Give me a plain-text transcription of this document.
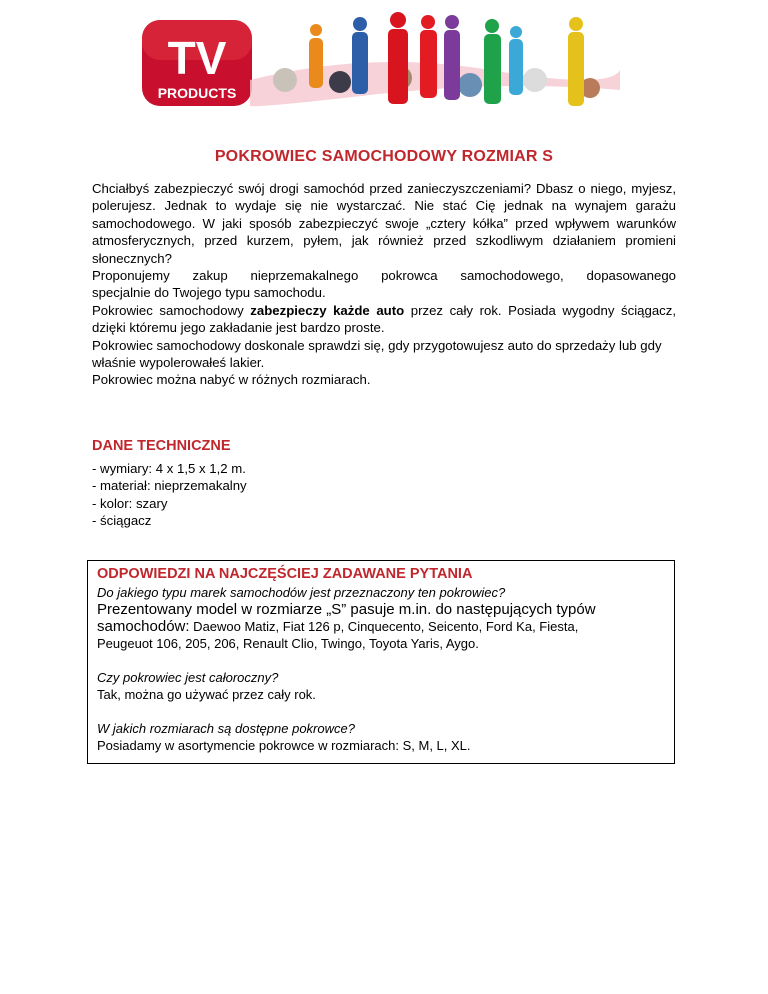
TV
PRODUCTS
POKROWIEC SAMOCHODOWY ROZMIAR S

Chciałbyś zabezpieczyć swój drogi samochód przed zanieczyszczeniami? Dbasz o niego, myjesz, polerujesz. Jednak to wydaje się nie wystarczać. Nie stać Cię jednak na wynajem garażu samochodowego. W jaki sposób zabezpieczyć swoje „cztery kółka” przed wpływem warunków atmosferycznych, przed kurzem, pyłem, jak również przed szkodliwym działaniem promieni słonecznych?

Proponujemy zakup nieprzemakalnego pokrowca samochodowego, dopasowanego

specjalnie do Twojego typu samochodu.

Pokrowiec samochodowy zabezpieczy każde auto przez cały rok. Posiada wygodny ściągacz, dzięki któremu jego zakładanie jest bardzo proste.

Pokrowiec samochodowy doskonale sprawdzi się, gdy przygotowujesz auto do sprzedaży lub gdy właśnie wypolerowałeś lakier.

Pokrowiec można nabyć w różnych rozmiarach.

DANE TECHNICZNE
- wymiary: 4 x 1,5 x 1,2 m.
- materiał: nieprzemakalny
- kolor: szary
- ściągacz
ODPOWIEDZI NA NAJCZĘŚCIEJ ZADAWANE PYTANIA
Do jakiego typu marek samochodów jest przeznaczony ten pokrowiec?
Prezentowany model w rozmiarze „S” pasuje m.in. do następujących typów
samochodów: Daewoo Matiz, Fiat 126 p, Cinquecento, Seicento, Ford Ka, Fiesta,
Peugeuot 106, 205, 206, Renault Clio, Twingo, Toyota Yaris, Aygo.
Czy pokrowiec jest całoroczny?
Tak, można go używać przez cały rok.
W jakich rozmiarach są dostępne pokrowce?
Posiadamy w asortymencie pokrowce w rozmiarach: S, M, L, XL.
